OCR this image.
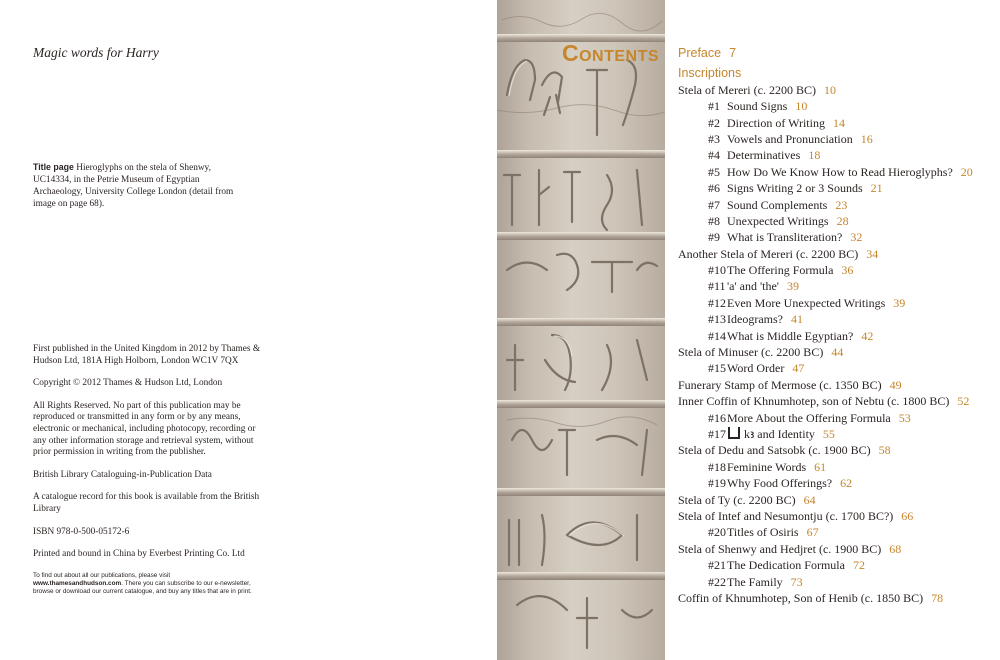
Magic words for Harry
Title page Hieroglyphs on the stela of Shenwy, UC14334, in the Petrie Museum of Egyptian Archaeology, University College London (detail from image on page 68).

First published in the United Kingdom in 2012 by Thames & Hudson Ltd, 181A High Holborn, London WC1V 7QX

Copyright © 2012 Thames & Hudson Ltd, London

All Rights Reserved. No part of this publication may be reproduced or transmitted in any form or by any means, electronic or mechanical, including photocopy, recording or any other information storage and retrieval system, without prior permission in writing from the publisher.

British Library Cataloguing-in-Publication Data

A catalogue record for this book is available from the British Library

ISBN 978-0-500-05172-6

Printed and bound in China by Everbest Printing Co. Ltd

To find out about all our publications, please visit
www.thamesandhudson.com. There you can subscribe to our e-newsletter, browse or download our current catalogue, and buy any titles that are in print.

Contents Preface 7
Inscriptions
Stela of Mereri (c. 2200 BC) 10
#1 Sound Signs 10
#2 Direction of Writing 14
#3 Vowels and Pronunciation 16
#4 Determinatives 18
#5 How Do We Know How to Read Hieroglyphs? 20
#6 Signs Writing 2 or 3 Sounds 21
#7 Sound Complements 23
#8 Unexpected Writings 28
#9 What is Transliteration? 32
Another Stela of Mereri (c. 2200 BC) 34
#10The Offering Formula 36
#11'a' and 'the' 39
#12Even More Unexpected Writings 39
#13Ideograms? 41
#14What is Middle Egyptian? 42
Stela of Minuser (c. 2200 BC) 44
#15Word Order 47
Funerary Stamp of Mermose (c. 1350 BC) 49
Inner Coffin of Khnumhotep, son of Nebtu (c. 1800 BC) 52
#16More About the Offering Formula 53
#17 kꜣ and Identity 55
Stela of Dedu and Satsobk (c. 1900 BC) 58
#18Feminine Words 61
#19Why Food Offerings? 62
Stela of Ty (c. 2200 BC) 64
Stela of Intef and Nesumontju (c. 1700 BC?) 66
#20Titles of Osiris 67
Stela of Shenwy and Hedjret (c. 1900 BC) 68
#21The Dedication Formula 72
#22The Family 73
Coffin of Khnumhotep, Son of Henib (c. 1850 BC) 78
